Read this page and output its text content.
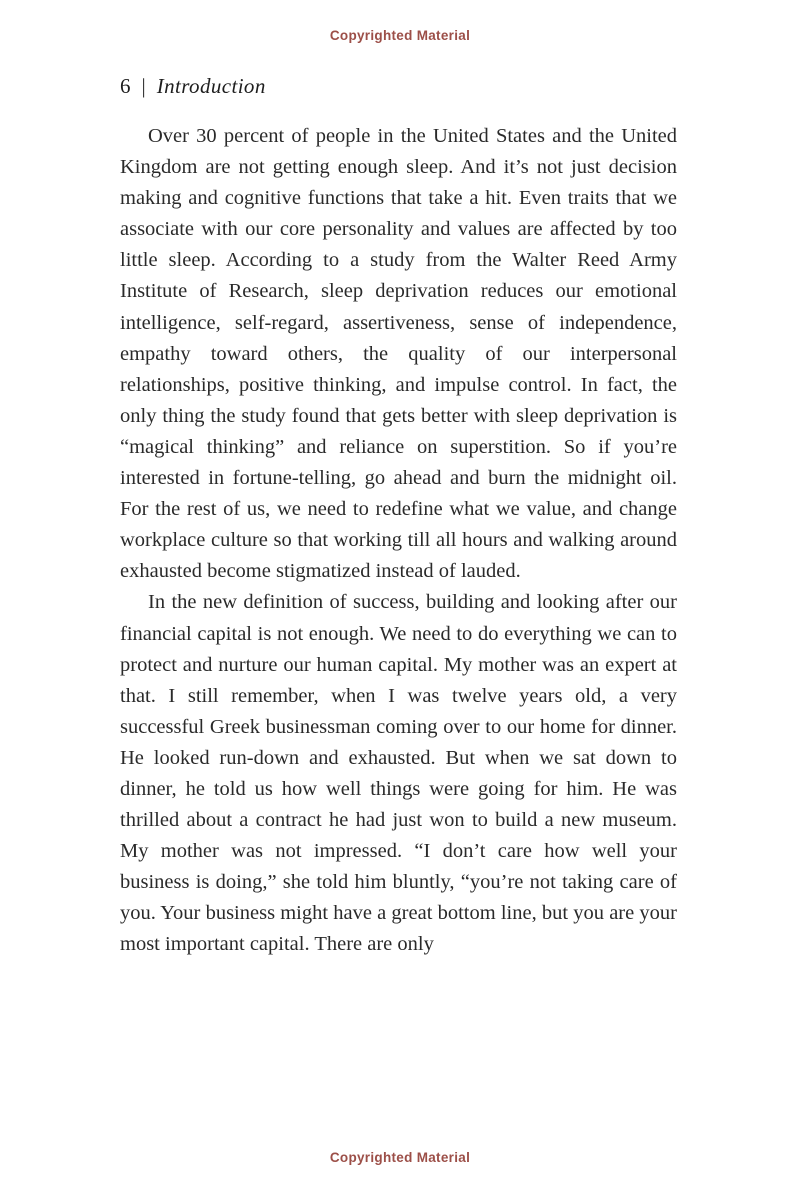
Copyrighted Material
6 | Introduction

Over 30 percent of people in the United States and the United Kingdom are not getting enough sleep. And it’s not just decision making and cognitive functions that take a hit. Even traits that we associate with our core personality and values are affected by too little sleep. According to a study from the Walter Reed Army Institute of Research, sleep deprivation reduces our emotional intelligence, self-regard, assertiveness, sense of independence, empathy toward others, the quality of our interpersonal relationships, positive thinking, and impulse control. In fact, the only thing the study found that gets better with sleep deprivation is “magical thinking” and reliance on superstition. So if you’re interested in fortune-telling, go ahead and burn the midnight oil. For the rest of us, we need to redefine what we value, and change workplace culture so that working till all hours and walking around exhausted become stigmatized instead of lauded.

In the new definition of success, building and looking after our financial capital is not enough. We need to do everything we can to protect and nurture our human capital. My mother was an expert at that. I still remember, when I was twelve years old, a very successful Greek businessman coming over to our home for dinner. He looked run-down and exhausted. But when we sat down to dinner, he told us how well things were going for him. He was thrilled about a contract he had just won to build a new museum. My mother was not impressed. “I don’t care how well your business is doing,” she told him bluntly, “you’re not taking care of you. Your business might have a great bottom line, but you are your most important capital. There are only

Copyrighted Material
